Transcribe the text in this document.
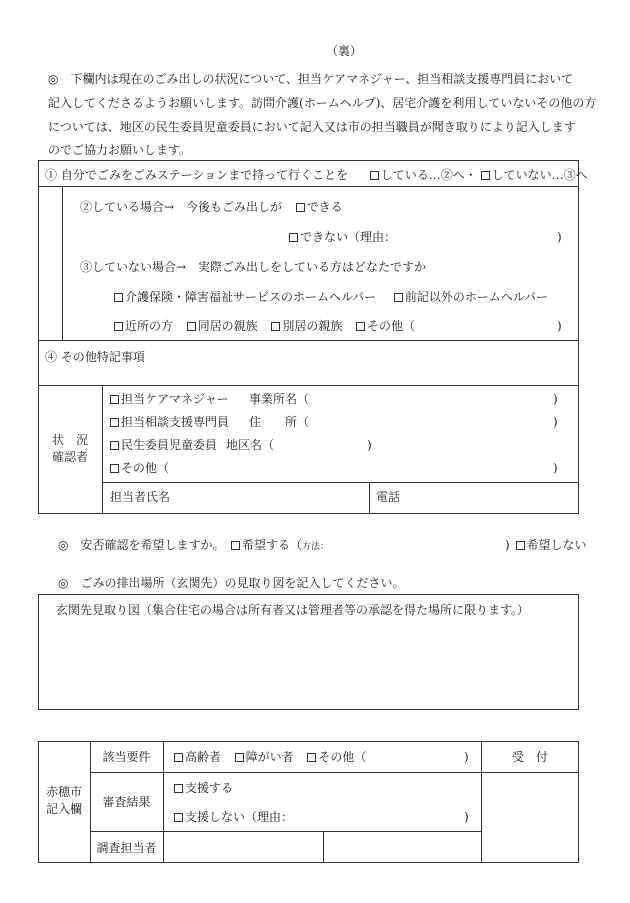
（裏）
◎　下欄内は現在のごみ出しの状況について、担当ケアマネジャー、担当相談支援専門員において
記入してくださるようお願いします。訪問介護(ホームヘルプ)、居宅介護を利用していないその他の方
については、地区の民生委員児童委員において記入又は市の担当職員が聞き取りにより記入します
のでご協力お願いします。
① 自分でごみをごみステーションまで持って行くことを	している…②へ・ していない…③へ
②している場合→　今後もごみ出しが できる
できない（理由：	)
③していない場合→　実際ごみ出しをしている方はどなたですか
介護保険・障害福祉サービスのホームヘルパー 前記以外のホームヘルパー
近所の方 同居の親族 別居の親族 その他（	)
④ その他特記事項
状　況
確認者
担当ケアマネジャー 事業所名（	)
担当相談支援専門員 住　　所（	)
民生委員児童委員 地区名（	)
その他（	)
担当者氏名	電話
◎　安否確認を希望しますか。	希望する（方法：	) 希望しない
◎　ごみの排出場所（玄関先）の見取り図を記入してください。
玄関先見取り図（集合住宅の場合は所有者又は管理者等の承認を得た場所に限ります。）
赤穂市
記入欄
該当要件	高齢者 障がい者 その他（	)	受　付
審査結果
支援する
支援しない（理由：	)
調査担当者
